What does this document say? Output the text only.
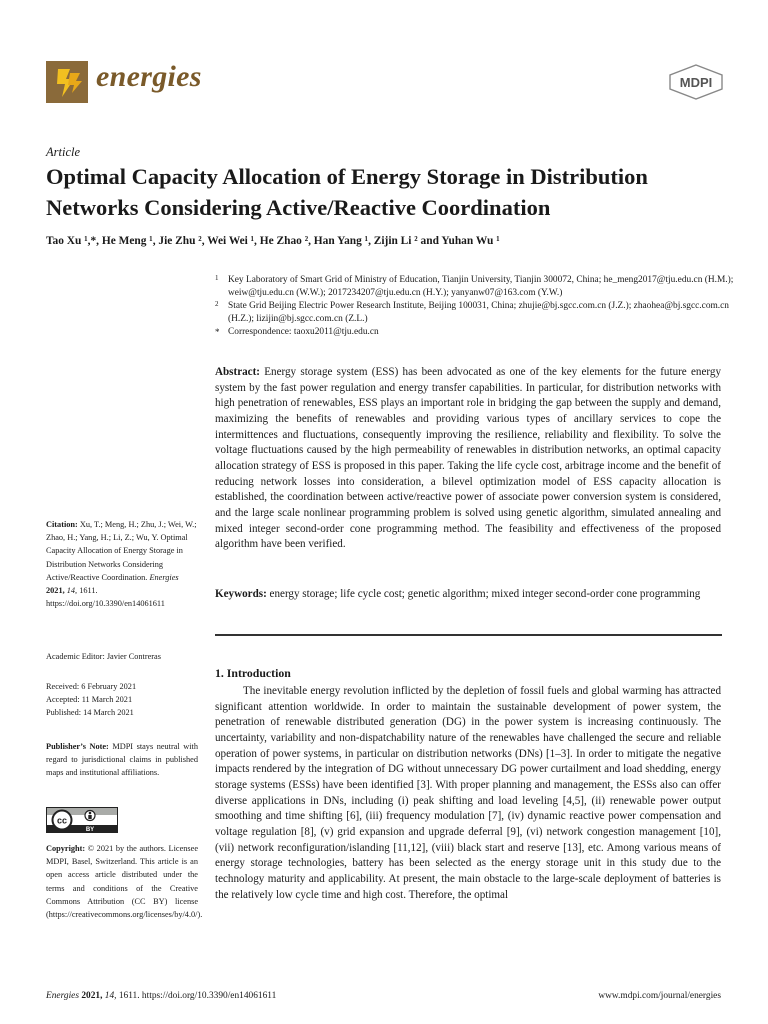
energies	MDPI
Article
Optimal Capacity Allocation of Energy Storage in Distribution Networks Considering Active/Reactive Coordination
Tao Xu ¹,*, He Meng ¹, Jie Zhu ², Wei Wei ¹, He Zhao ², Han Yang ¹, Zijin Li ² and Yuhan Wu ¹
1 Key Laboratory of Smart Grid of Ministry of Education, Tianjin University, Tianjin 300072, China; he_meng2017@tju.edu.cn (H.M.); weiw@tju.edu.cn (W.W.); 2017234207@tju.edu.cn (H.Y.); yanyanw07@163.com (Y.W.)
2 State Grid Beijing Electric Power Research Institute, Beijing 100031, China; zhujie@bj.sgcc.com.cn (J.Z.); zhaohea@bj.sgcc.com.cn (H.Z.); lizijin@bj.sgcc.com.cn (Z.L.)
* Correspondence: taoxu2011@tju.edu.cn
Abstract: Energy storage system (ESS) has been advocated as one of the key elements for the future energy system by the fast power regulation and energy transfer capabilities. In particular, for distribution networks with high penetration of renewables, ESS plays an important role in bridging the gap between the supply and demand, maximizing the benefits of renewables and providing various types of ancillary services to cope the intermittences and fluctuations, consequently improving the resilience, reliability and flexibility. To solve the voltage fluctuations caused by the high permeability of renewables in distribution networks, an optimal capacity allocation strategy of ESS is proposed in this paper. Taking the life cycle cost, arbitrage income and the benefit of reducing network losses into consideration, a bilevel optimization model of ESS capacity allocation is established, the coordination between active/reactive power of associate power conversion system is considered, and the large scale nonlinear programming problem is solved using genetic algorithm, simulated annealing and mixed integer second-order cone programming method. The feasibility and effectiveness of the proposed algorithm have been verified.
Keywords: energy storage; life cycle cost; genetic algorithm; mixed integer second-order cone programming
1. Introduction

The inevitable energy revolution inflicted by the depletion of fossil fuels and global warming has attracted significant attention worldwide. In order to maintain the sustainable development of power system, the penetration of renewable distributed generation (DG) in the power system is increasing continuously. The uncertainty, variability and non-dispatchability nature of the renewables have challenged the secure and reliable operation of power systems, in particular on distribution networks (DNs) [1–3]. In order to mitigate the negative impacts rendered by the integration of DG without unnecessary DG power curtailment and load shedding, energy storage systems (ESSs) have been identified [3]. With proper planning and management, the ESSs also can offer diverse applications in DNs, including (i) peak shifting and load leveling [4,5], (ii) renewable power output smoothing and time shifting [6], (iii) frequency modulation [7], (iv) dynamic reactive power compensation and voltage regulation [8], (v) grid expansion and upgrade deferral [9], (vi) network congestion management [10], (vii) network reconfiguration/islanding [11,12], (viii) black start and reserve [13], etc. Among various means of energy storage technologies, battery has been selected as the energy storage unit in this study due to the technology maturity and applicability. At present, the main obstacle to the large-scale deployment of batteries is the relatively low cycle time and high cost. Therefore, the optimal

Citation: Xu, T.; Meng, H.; Zhu, J.; Wei, W.; Zhao, H.; Yang, H.; Li, Z.; Wu, Y. Optimal Capacity Allocation of Energy Storage in Distribution Networks Considering Active/Reactive Coordination. Energies 2021, 14, 1611. https://doi.org/10.3390/en14061611
Academic Editor: Javier Contreras
Received: 6 February 2021
Accepted: 11 March 2021
Published: 14 March 2021
Publisher’s Note: MDPI stays neutral with regard to jurisdictional claims in published maps and institutional affiliations.
cc
BY
Copyright: © 2021 by the authors. Licensee MDPI, Basel, Switzerland. This article is an open access article distributed under the terms and conditions of the Creative Commons Attribution (CC BY) license (https://creativecommons.org/licenses/by/4.0/).
Energies 2021, 14, 1611. https://doi.org/10.3390/en14061611	www.mdpi.com/journal/energies
